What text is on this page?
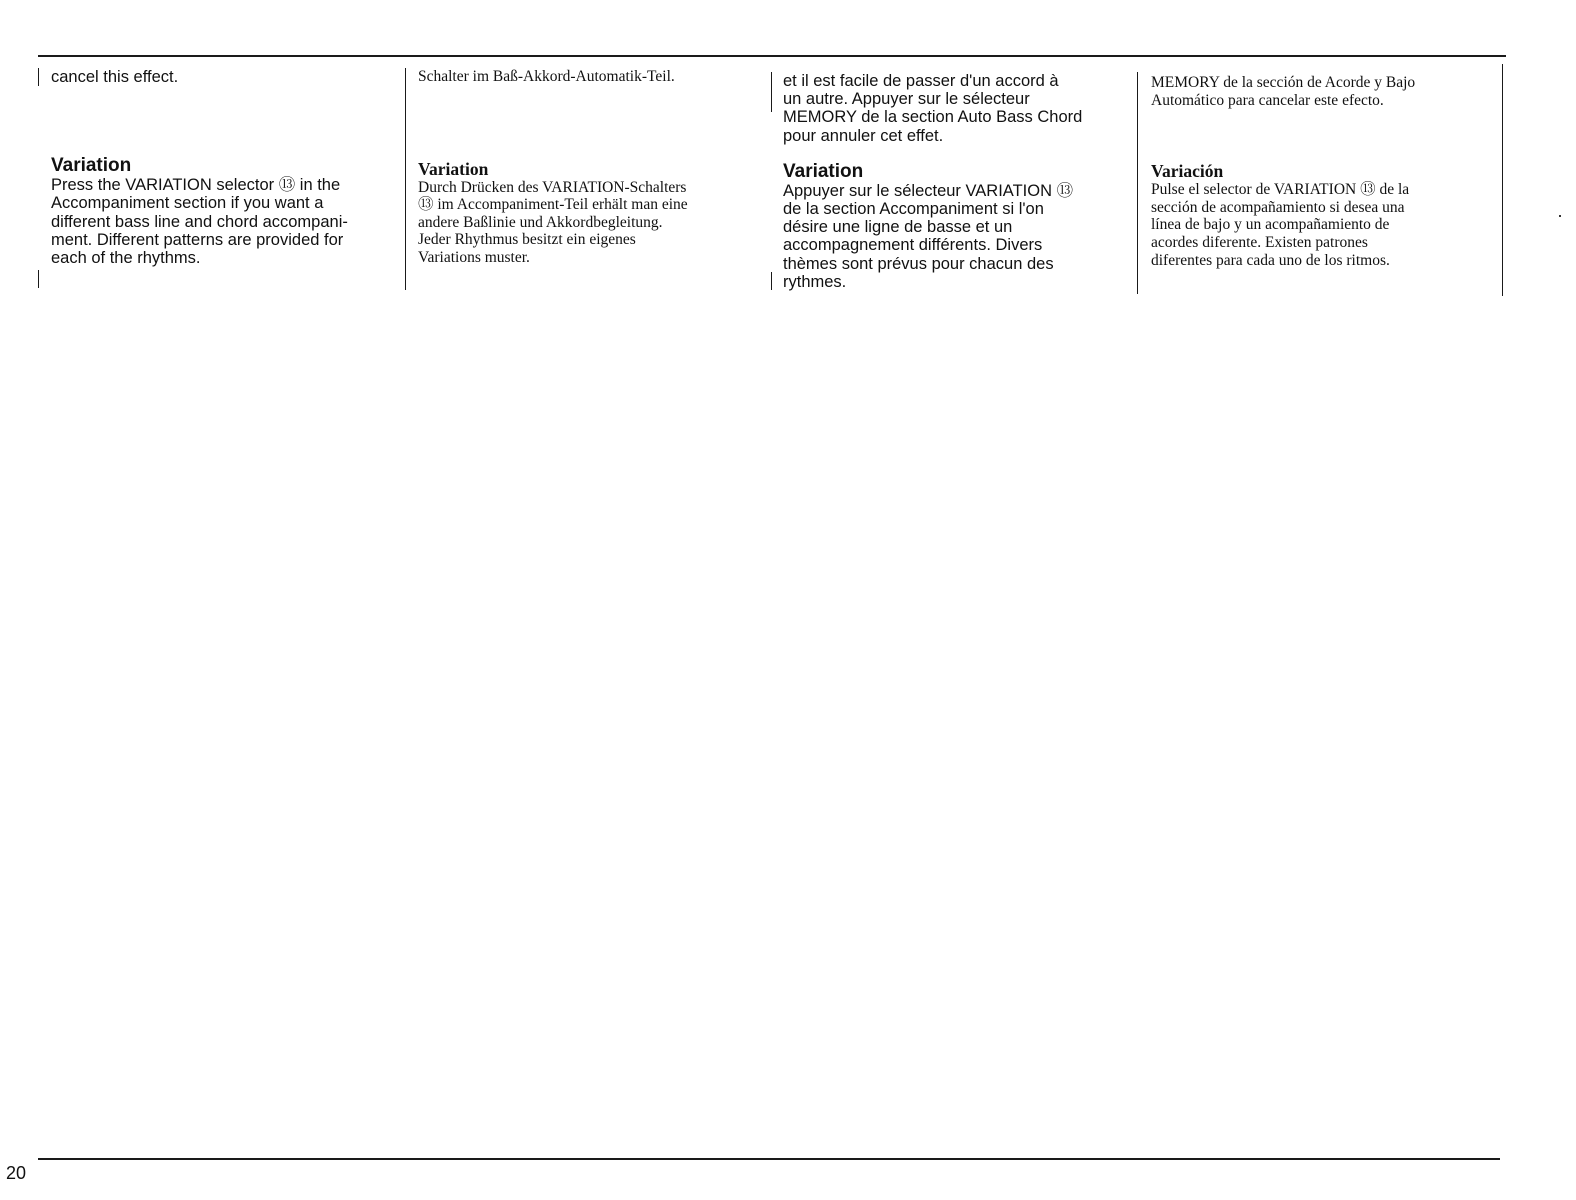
cancel this effect.
Variation
Press the VARIATION selector ⑬ in the
Accompaniment section if you want a
different bass line and chord accompani-
ment. Different patterns are provided for
each of the rhythms.
Schalter im Baß-Akkord-Automatik-Teil.
Variation
Durch Drücken des VARIATION-Schalters
⑬ im Accompaniment-Teil erhält man eine
andere Baßlinie und Akkordbegleitung.
Jeder Rhythmus besitzt ein eigenes
Variations muster.
et il est facile de passer d'un accord à
un autre. Appuyer sur le sélecteur
MEMORY de la section Auto Bass Chord
pour annuler cet effet.
Variation
Appuyer sur le sélecteur VARIATION ⑬
de la section Accompaniment si l'on
désire une ligne de basse et un
accompagnement différents. Divers
thèmes sont prévus pour chacun des
rythmes.
MEMORY de la sección de Acorde y Bajo
Automático para cancelar este efecto.
Variación
Pulse el selector de VARIATION ⑬ de la
sección de acompañamiento si desea una
línea de bajo y un acompañamiento de
acordes diferente. Existen patrones
diferentes para cada uno de los ritmos.
20
